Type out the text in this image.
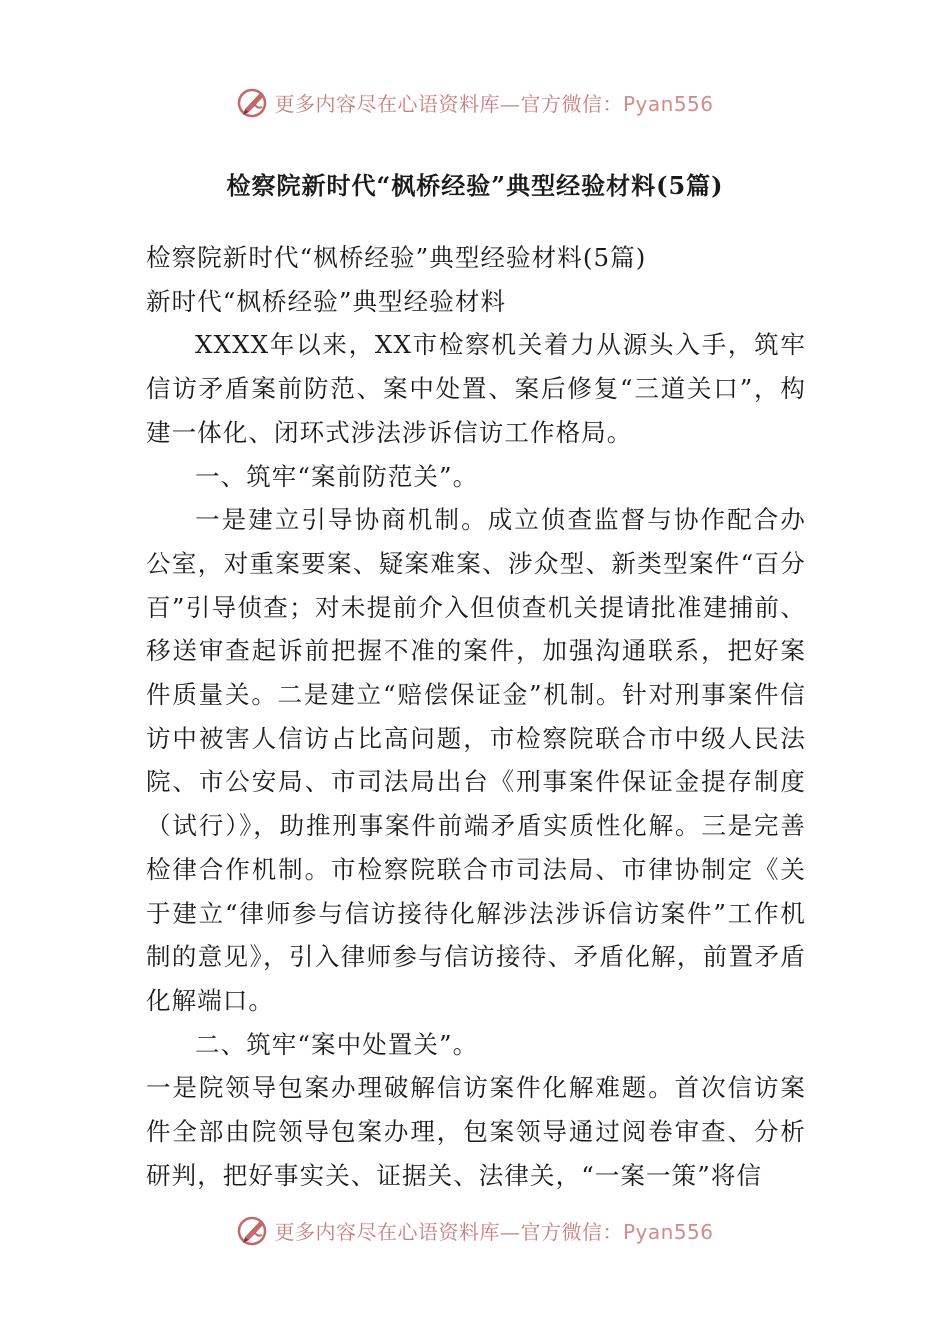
更多内容尽在心语资料库—官方微信：Pyan556
检察院新时代“枫桥经验”典型经验材料(5篇)

检察院新时代“枫桥经验”典型经验材料(5篇)

新时代“枫桥经验”典型经验材料

XXXX年以来，XX市检察机关着力从源头入手，筑牢信访矛盾案前防范、案中处置、案后修复“三道关口”，构建一体化、闭环式涉法涉诉信访工作格局。

一、筑牢“案前防范关”。

一是建立引导协商机制。成立侦查监督与协作配合办公室，对重案要案、疑案难案、涉众型、新类型案件“百分百”引导侦查；对未提前介入但侦查机关提请批准建捕前、移送审查起诉前把握不准的案件，加强沟通联系，把好案件质量关。二是建立“赔偿保证金”机制。针对刑事案件信访中被害人信访占比高问题，市检察院联合市中级人民法院、市公安局、市司法局出台《刑事案件保证金提存制度（试行）》，助推刑事案件前端矛盾实质性化解。三是完善检律合作机制。市检察院联合市司法局、市律协制定《关于建立“律师参与信访接待化解涉法涉诉信访案件”工作机制的意见》，引入律师参与信访接待、矛盾化解，前置矛盾化解端口。

二、筑牢“案中处置关”。

一是院领导包案办理破解信访案件化解难题。首次信访案件全部由院领导包案办理，包案领导通过阅卷审查、分析研判，把好事实关、证据关、法律关，“一案一策”将信

更多内容尽在心语资料库—官方微信：Pyan556
